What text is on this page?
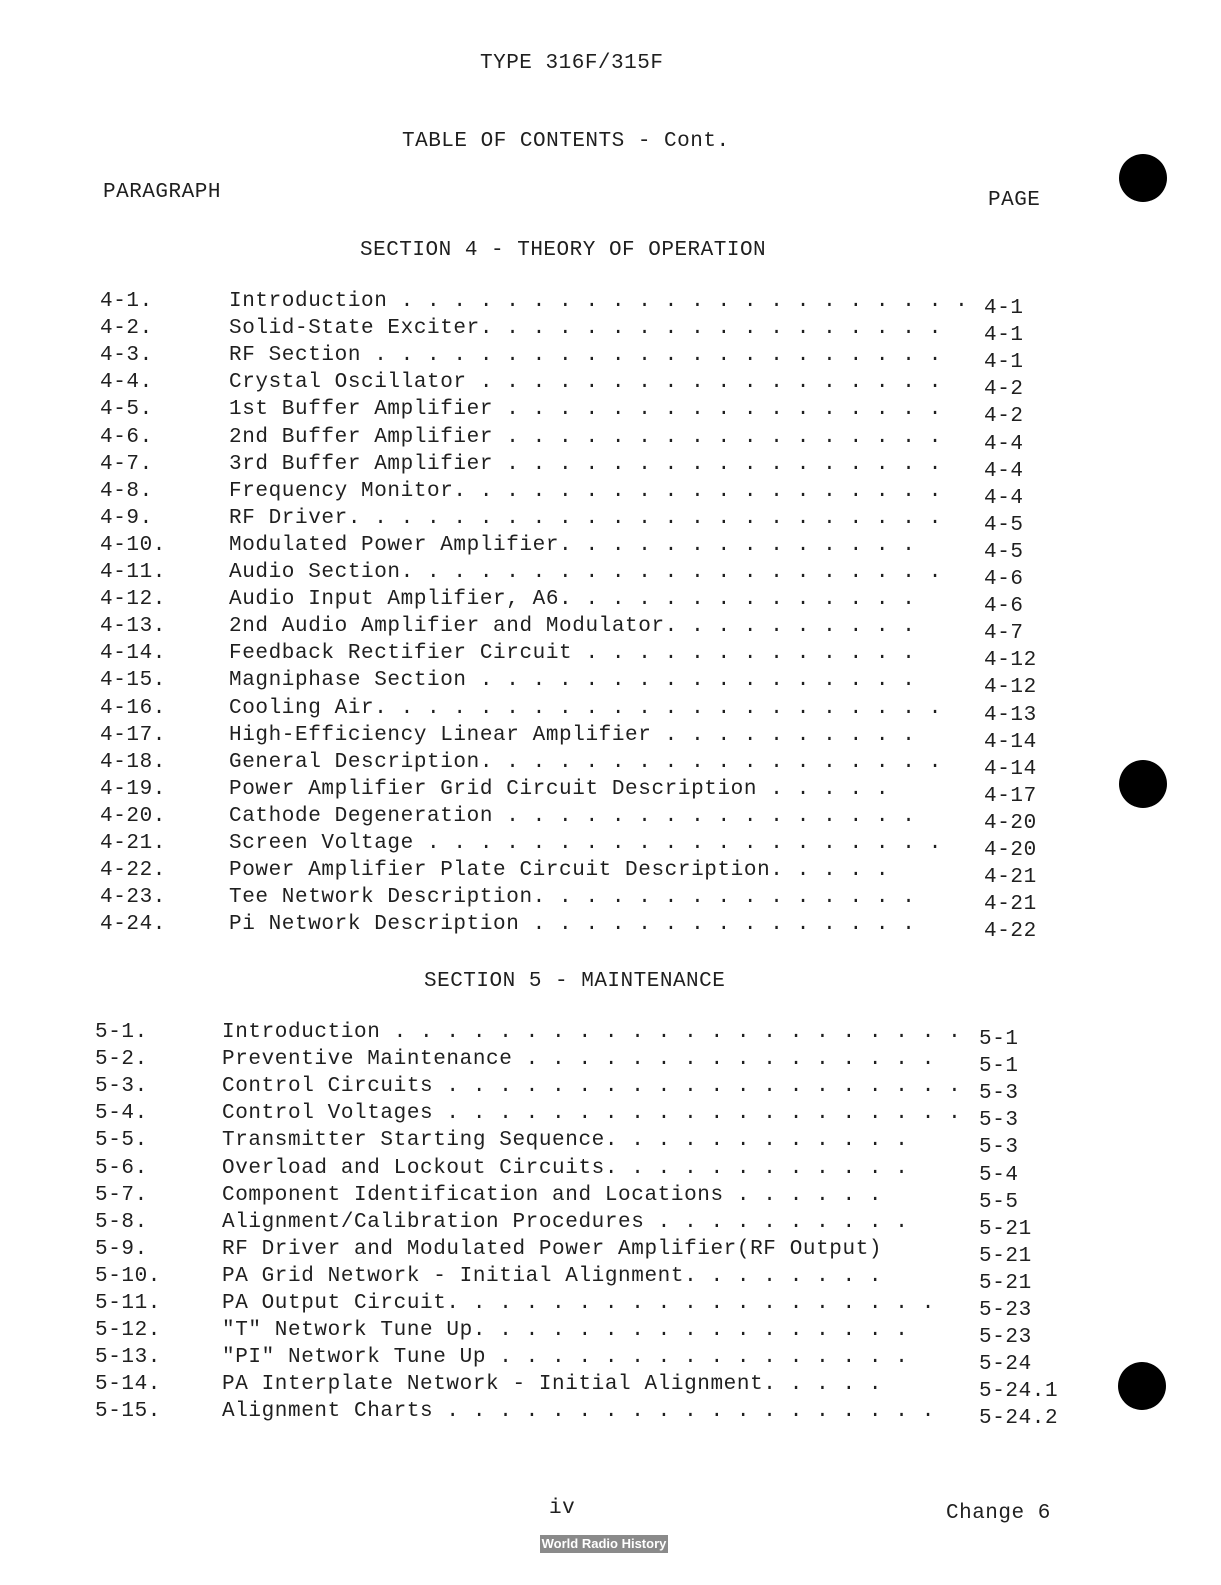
TYPE 316F/315F
TABLE OF CONTENTS - Cont.
PARAGRAPH	PAGE
SECTION 4 - THEORY OF OPERATION
4-1.	Introduction . . . . . . . . . . . . . . . . . . . . . . 4-1
4-2.	Solid-State Exciter. . . . . . . . . . . . . . . . . . 4-1
4-3.	RF Section . . . . . . . . . . . . . . . . . . . . . . 4-1
4-4.	Crystal Oscillator . . . . . . . . . . . . . . . . . . 4-2
4-5.	1st Buffer Amplifier . . . . . . . . . . . . . . . . . 4-2
4-6.	2nd Buffer Amplifier . . . . . . . . . . . . . . . . . 4-4
4-7.	3rd Buffer Amplifier . . . . . . . . . . . . . . . . . 4-4
4-8.	Frequency Monitor. . . . . . . . . . . . . . . . . . . 4-4
4-9.	RF Driver. . . . . . . . . . . . . . . . . . . . . . . 4-5
4-10.	Modulated Power Amplifier. . . . . . . . . . . . . .	4-5
4-11.	Audio Section. . . . . . . . . . . . . . . . . . . . . 4-6
4-12.	Audio Input Amplifier, A6. . . . . . . . . . . . . .	4-6
4-13.	2nd Audio Amplifier and Modulator. . . . . . . . . .	4-7
4-14.	Feedback Rectifier Circuit . . . . . . . . . . . . .	4-12
4-15.	Magniphase Section . . . . . . . . . . . . . . . . .	4-12
4-16.	Cooling Air. . . . . . . . . . . . . . . . . . . . . . 4-13
4-17.	High-Efficiency Linear Amplifier . . . . . . . . . .	4-14
4-18.	General Description. . . . . . . . . . . . . . . . . . 4-14
4-19.	Power Amplifier Grid Circuit Description . . . . .	4-17
4-20.	Cathode Degeneration . . . . . . . . . . . . . . . .	4-20
4-21.	Screen Voltage . . . . . . . . . . . . . . . . . . . . 4-20
4-22.	Power Amplifier Plate Circuit Description. . . . .	4-21
4-23.	Tee Network Description. . . . . . . . . . . . . . .	4-21
4-24.	Pi Network Description . . . . . . . . . . . . . . .	4-22
SECTION 5 - MAINTENANCE
5-1.	Introduction . . . . . . . . . . . . . . . . . . . . . . 5-1
5-2.	Preventive Maintenance . . . . . . . . . . . . . . . . 5-1
5-3.	Control Circuits . . . . . . . . . . . . . . . . . . . . 5-3
5-4.	Control Voltages . . . . . . . . . . . . . . . . . . . . 5-3
5-5.	Transmitter Starting Sequence. . . . . . . . . . . .	5-3
5-6.	Overload and Lockout Circuits. . . . . . . . . . . .	5-4
5-7.	Component Identification and Locations . . . . . .	5-5
5-8.	Alignment/Calibration Procedures . . . . . . . . . .	5-21
5-9.	RF Driver and Modulated Power Amplifier(RF Output)	5-21
5-10.	PA Grid Network - Initial Alignment. . . . . . . .	5-21
5-11.	PA Output Circuit. . . . . . . . . . . . . . . . . . . 5-23
5-12.	"T" Network Tune Up. . . . . . . . . . . . . . . . .	5-23
5-13.	"PI" Network Tune Up . . . . . . . . . . . . . . . .	5-24
5-14.	PA Interplate Network - Initial Alignment. . . . .	5-24.1
5-15.	Alignment Charts . . . . . . . . . . . . . . . . . . . 5-24.2
iv	Change 6
World Radio History
